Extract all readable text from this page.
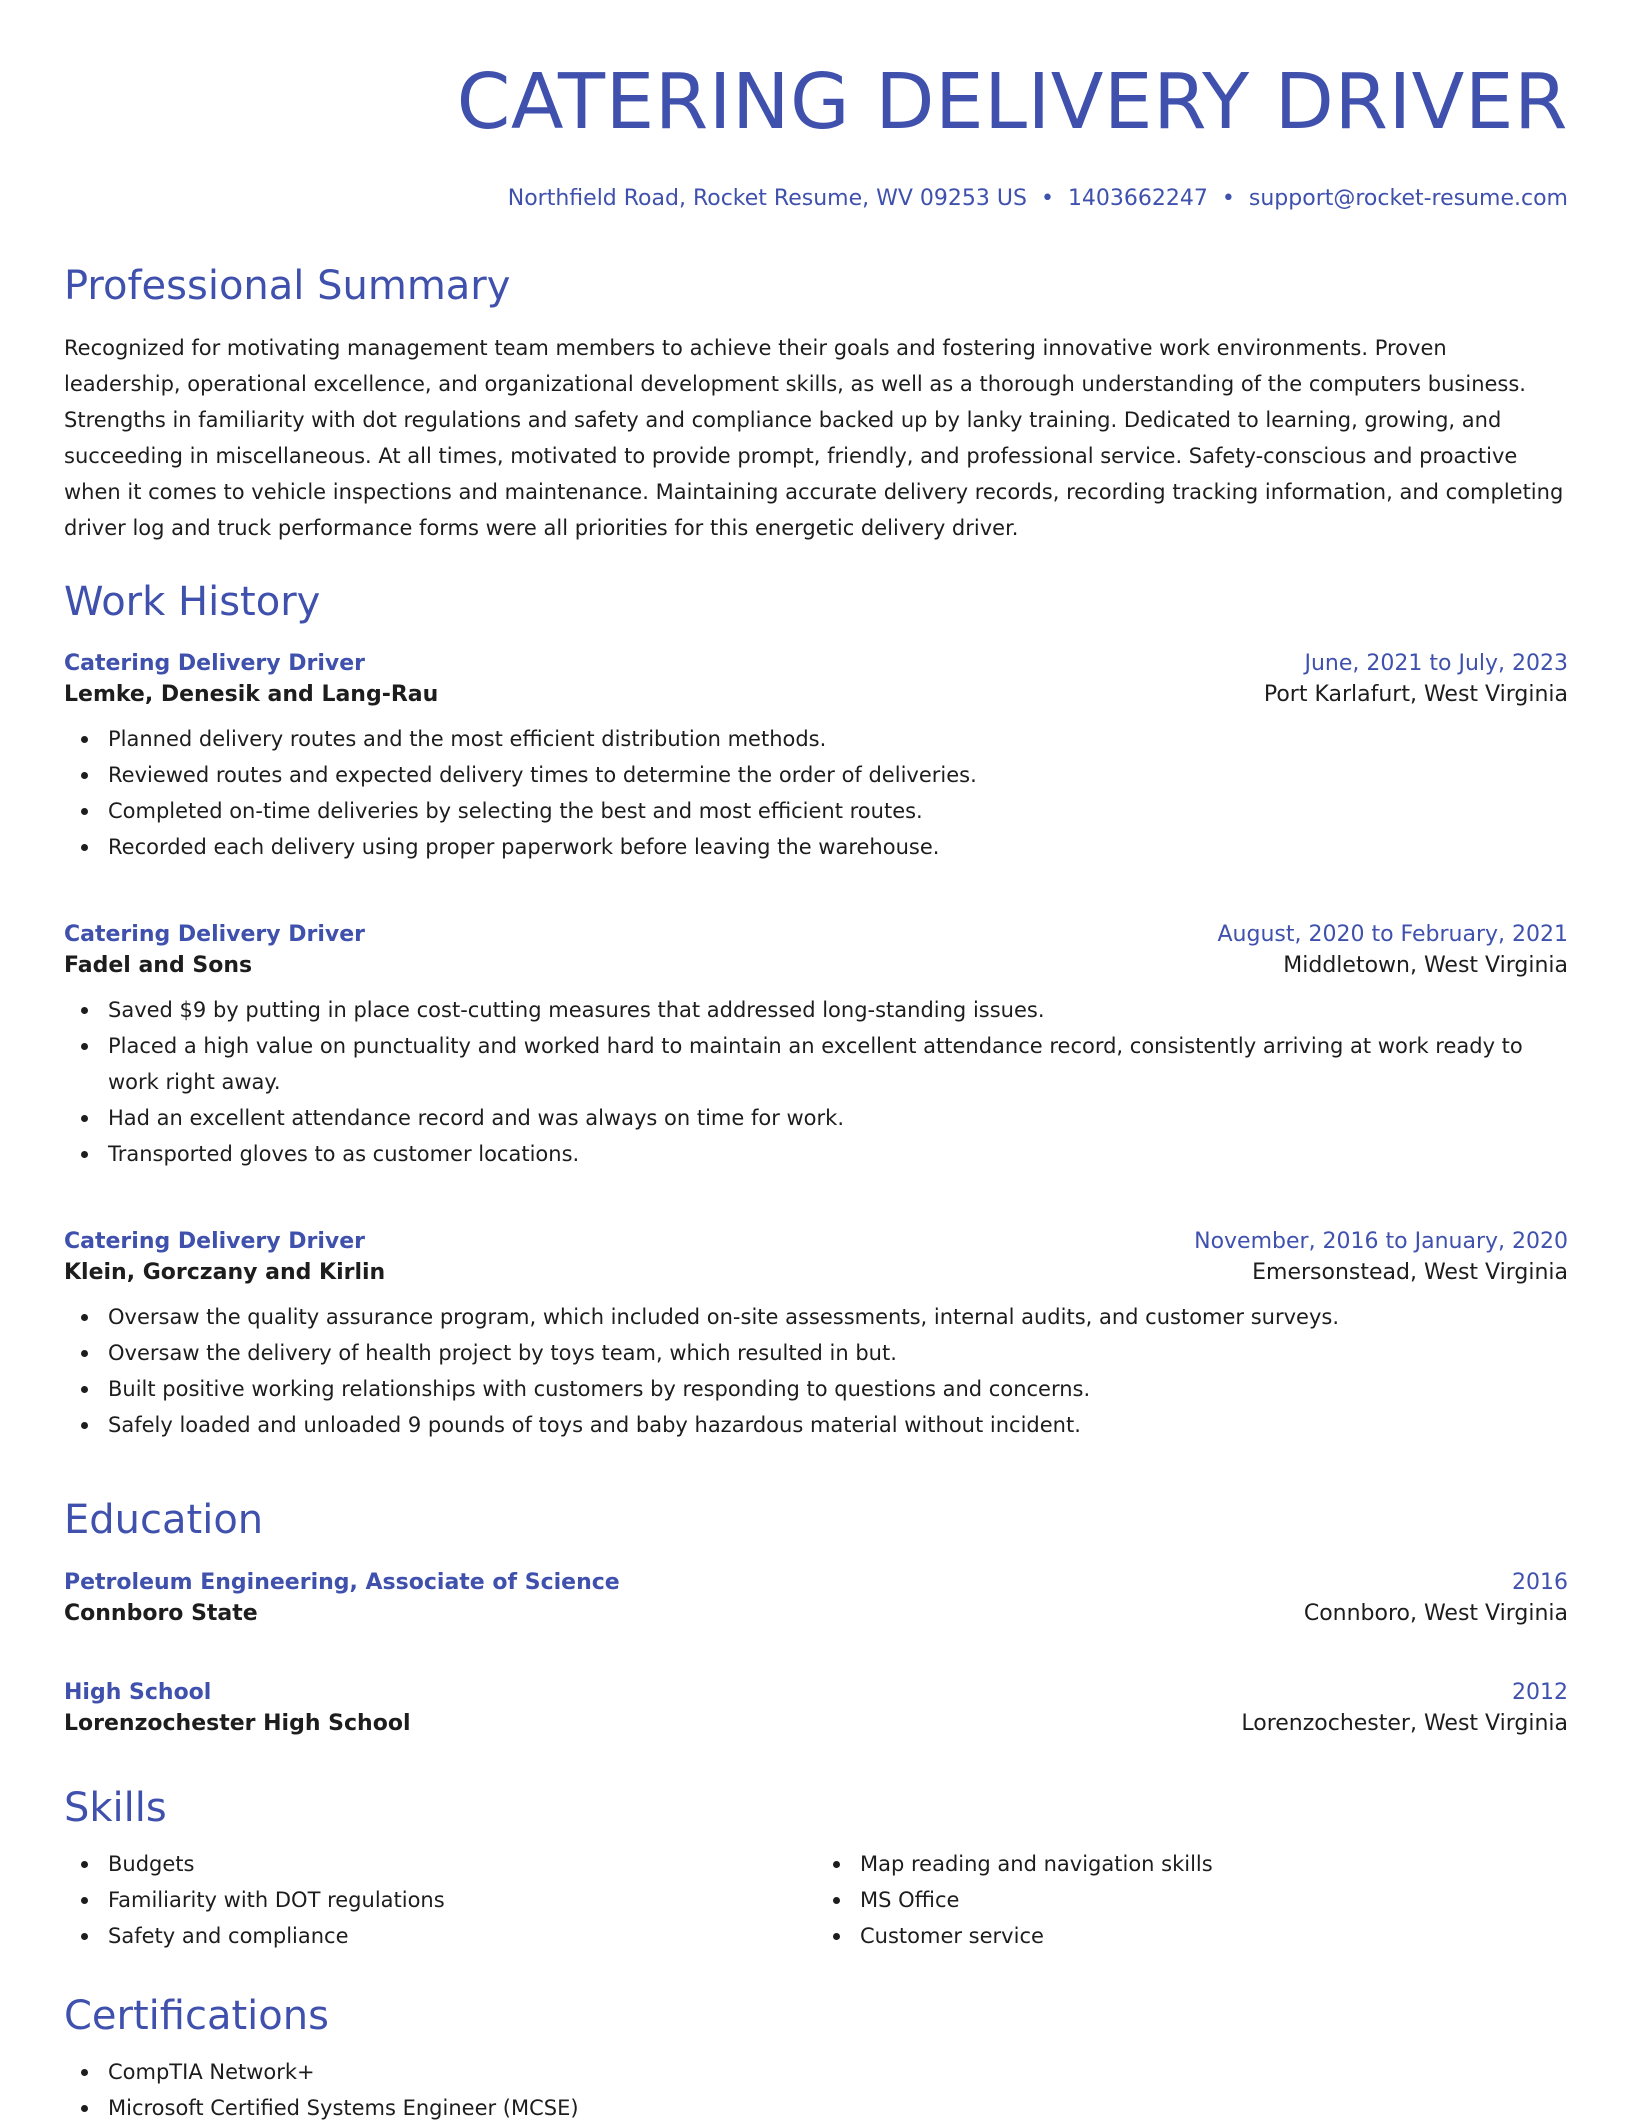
CATERING DELIVERY DRIVER
Northfield Road, Rocket Resume, WV 09253 US • 1403662247 • support@rocket-resume.com
Professional Summary

Recognized for motivating management team members to achieve their goals and fostering innovative work environments. Proven leadership, operational excellence, and organizational development skills, as well as a thorough understanding of the computers business. Strengths in familiarity with dot regulations and safety and compliance backed up by lanky training. Dedicated to learning, growing, and succeeding in miscellaneous. At all times, motivated to provide prompt, friendly, and professional service. Safety-conscious and proactive when it comes to vehicle inspections and maintenance. Maintaining accurate delivery records, recording tracking information, and completing driver log and truck performance forms were all priorities for this energetic delivery driver.

Work History
Catering Delivery Driver	June, 2021 to July, 2023
Lemke, Denesik and Lang-Rau	Port Karlafurt, West Virginia
Planned delivery routes and the most efficient distribution methods.
Reviewed routes and expected delivery times to determine the order of deliveries.
Completed on-time deliveries by selecting the best and most efficient routes.
Recorded each delivery using proper paperwork before leaving the warehouse.
Catering Delivery Driver	August, 2020 to February, 2021
Fadel and Sons	Middletown, West Virginia
Saved $9 by putting in place cost-cutting measures that addressed long-standing issues.
Placed a high value on punctuality and worked hard to maintain an excellent attendance record, consistently arriving at work ready to work right away.
Had an excellent attendance record and was always on time for work.
Transported gloves to as customer locations.
Catering Delivery Driver	November, 2016 to January, 2020
Klein, Gorczany and Kirlin	Emersonstead, West Virginia
Oversaw the quality assurance program, which included on-site assessments, internal audits, and customer surveys.
Oversaw the delivery of health project by toys team, which resulted in but.
Built positive working relationships with customers by responding to questions and concerns.
Safely loaded and unloaded 9 pounds of toys and baby hazardous material without incident.
Education
Petroleum Engineering, Associate of Science	2016
Connboro State	Connboro, West Virginia
High School	2012
Lorenzochester High School	Lorenzochester, West Virginia
Skills
Budgets
Familiarity with DOT regulations
Safety and compliance
Map reading and navigation skills
MS Office
Customer service
Certifications
CompTIA Network+
Microsoft Certified Systems Engineer (MCSE)
